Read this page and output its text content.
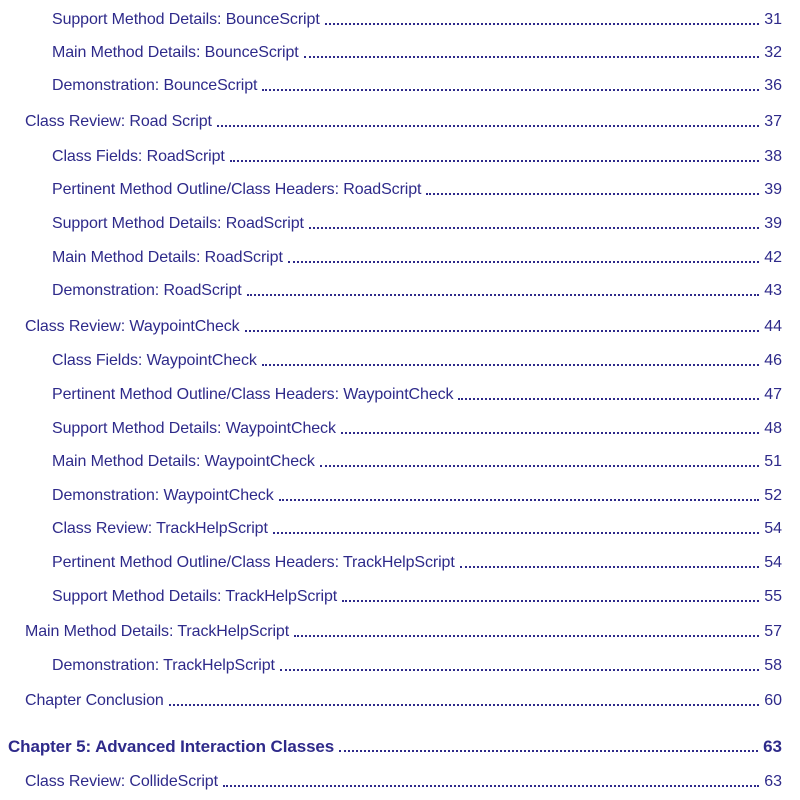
Support Method Details: BounceScript	31
Main Method Details: BounceScript	32
Demonstration: BounceScript	36
Class Review: Road Script	37
Class Fields: RoadScript	38
Pertinent Method Outline/Class Headers: RoadScript	39
Support Method Details: RoadScript	39
Main Method Details: RoadScript	42
Demonstration: RoadScript	43
Class Review: WaypointCheck	44
Class Fields: WaypointCheck	46
Pertinent Method Outline/Class Headers: WaypointCheck	47
Support Method Details: WaypointCheck	48
Main Method Details: WaypointCheck	51
Demonstration: WaypointCheck	52
Class Review: TrackHelpScript	54
Pertinent Method Outline/Class Headers: TrackHelpScript	54
Support Method Details: TrackHelpScript	55
Main Method Details: TrackHelpScript	57
Demonstration: TrackHelpScript	58
Chapter Conclusion	60
Chapter 5: Advanced Interaction Classes	63
Class Review: CollideScript	63
